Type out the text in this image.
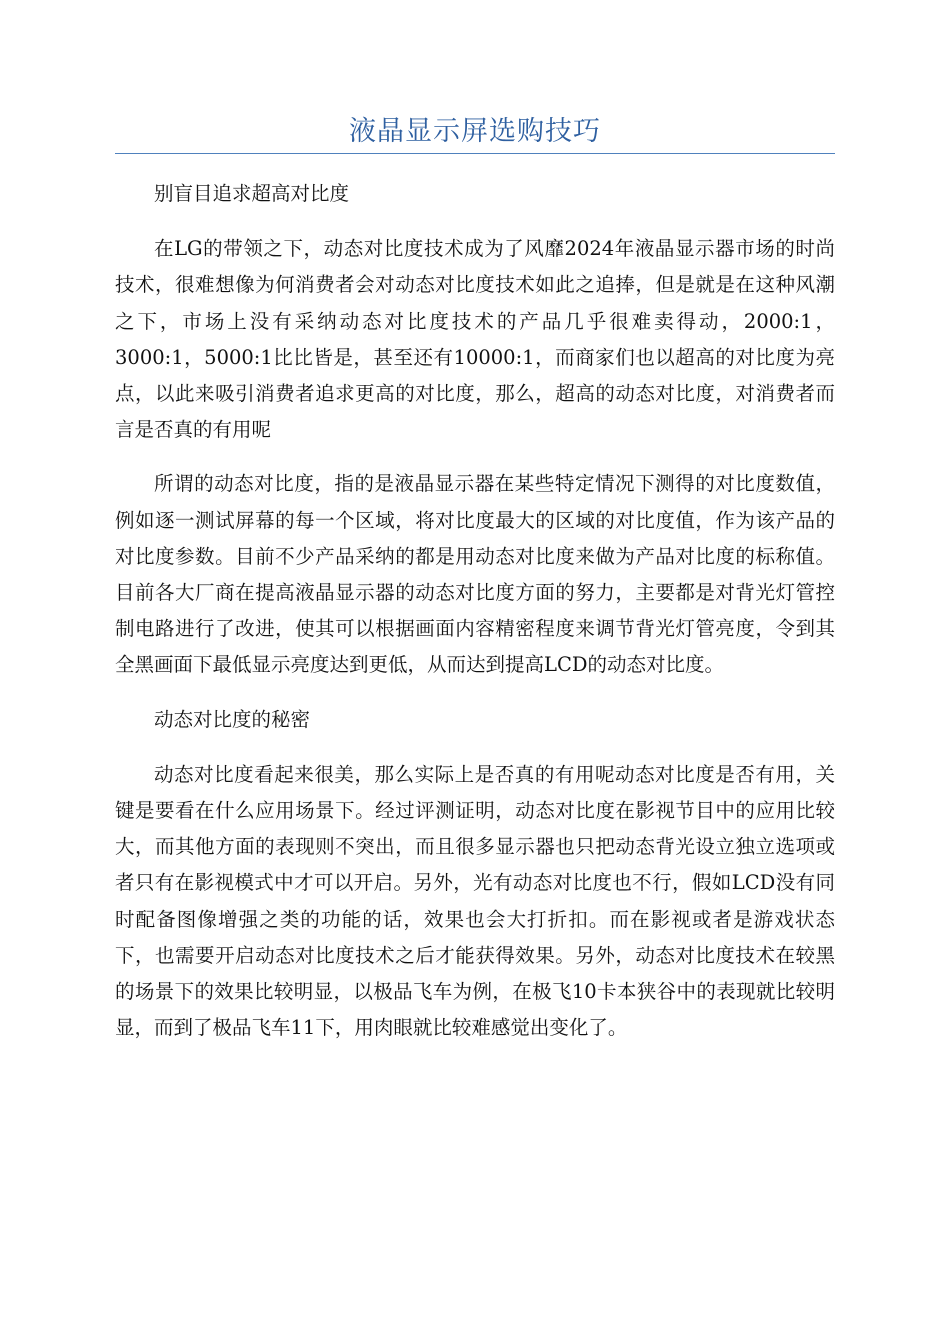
液晶显示屏选购技巧

别盲目追求超高对比度

在LG的带领之下，动态对比度技术成为了风靡2024年液晶显示器市场的时尚技术，很难想像为何消费者会对动态对比度技术如此之追捧，但是就是在这种风潮之下，市场上没有采纳动态对比度技术的产品几乎很难卖得动，2000:1，3000:1，5000:1比比皆是，甚至还有10000:1，而商家们也以超高的对比度为亮点，以此来吸引消费者追求更高的对比度，那么，超高的动态对比度，对消费者而言是否真的有用呢

所谓的动态对比度，指的是液晶显示器在某些特定情况下测得的对比度数值，例如逐一测试屏幕的每一个区域，将对比度最大的区域的对比度值，作为该产品的对比度参数。目前不少产品采纳的都是用动态对比度来做为产品对比度的标称值。目前各大厂商在提高液晶显示器的动态对比度方面的努力，主要都是对背光灯管控制电路进行了改进，使其可以根据画面内容精密程度来调节背光灯管亮度，令到其全黑画面下最低显示亮度达到更低，从而达到提高LCD的动态对比度。

动态对比度的秘密

动态对比度看起来很美，那么实际上是否真的有用呢动态对比度是否有用，关键是要看在什么应用场景下。经过评测证明，动态对比度在影视节目中的应用比较大，而其他方面的表现则不突出，而且很多显示器也只把动态背光设立独立选项或者只有在影视模式中才可以开启。另外，光有动态对比度也不行，假如LCD没有同时配备图像增强之类的功能的话，效果也会大打折扣。而在影视或者是游戏状态下，也需要开启动态对比度技术之后才能获得效果。另外，动态对比度技术在较黑的场景下的效果比较明显，以极品飞车为例，在极飞10卡本狭谷中的表现就比较明显，而到了极品飞车11下，用肉眼就比较难感觉出变化了。
